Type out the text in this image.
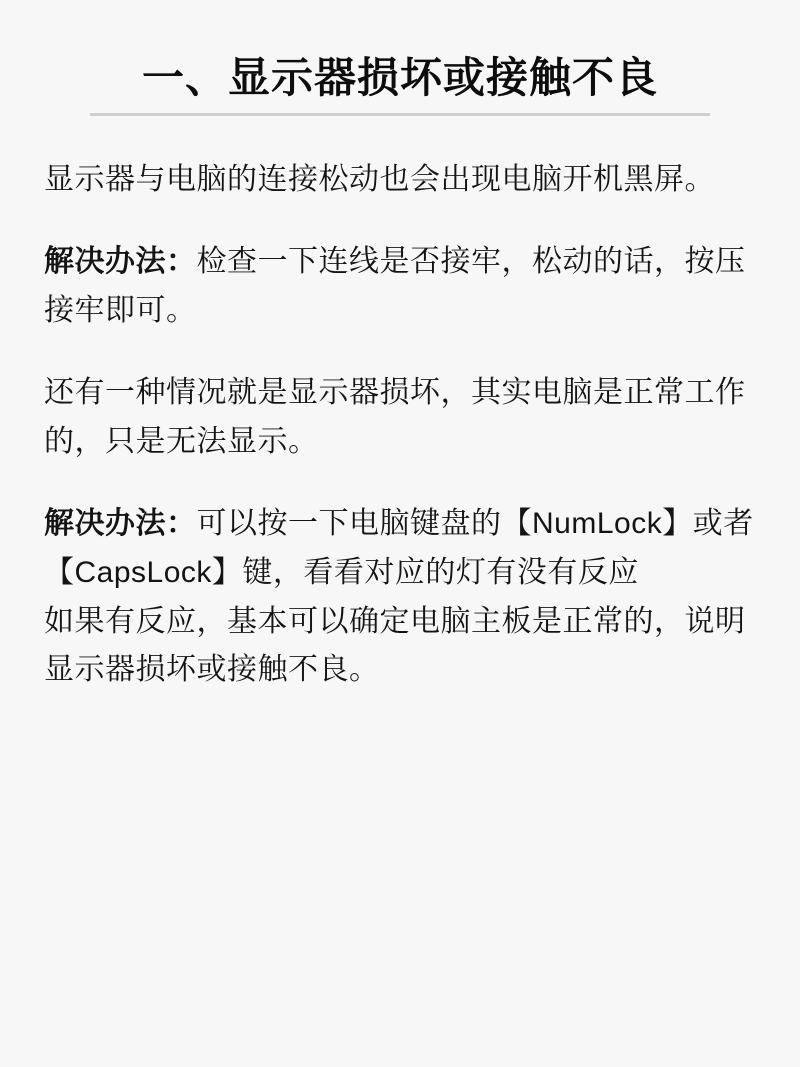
一、显示器损坏或接触不良

显示器与电脑的连接松动也会出现电脑开机黑屏。

解决办法：检查一下连线是否接牢，松动的话，按压接牢即可。

还有一种情况就是显示器损坏，其实电脑是正常工作的，只是无法显示。

解决办法：可以按一下电脑键盘的【NumLock】或者【CapsLock】键，看看对应的灯有没有反应

如果有反应，基本可以确定电脑主板是正常的，说明显示器损坏或接触不良。
